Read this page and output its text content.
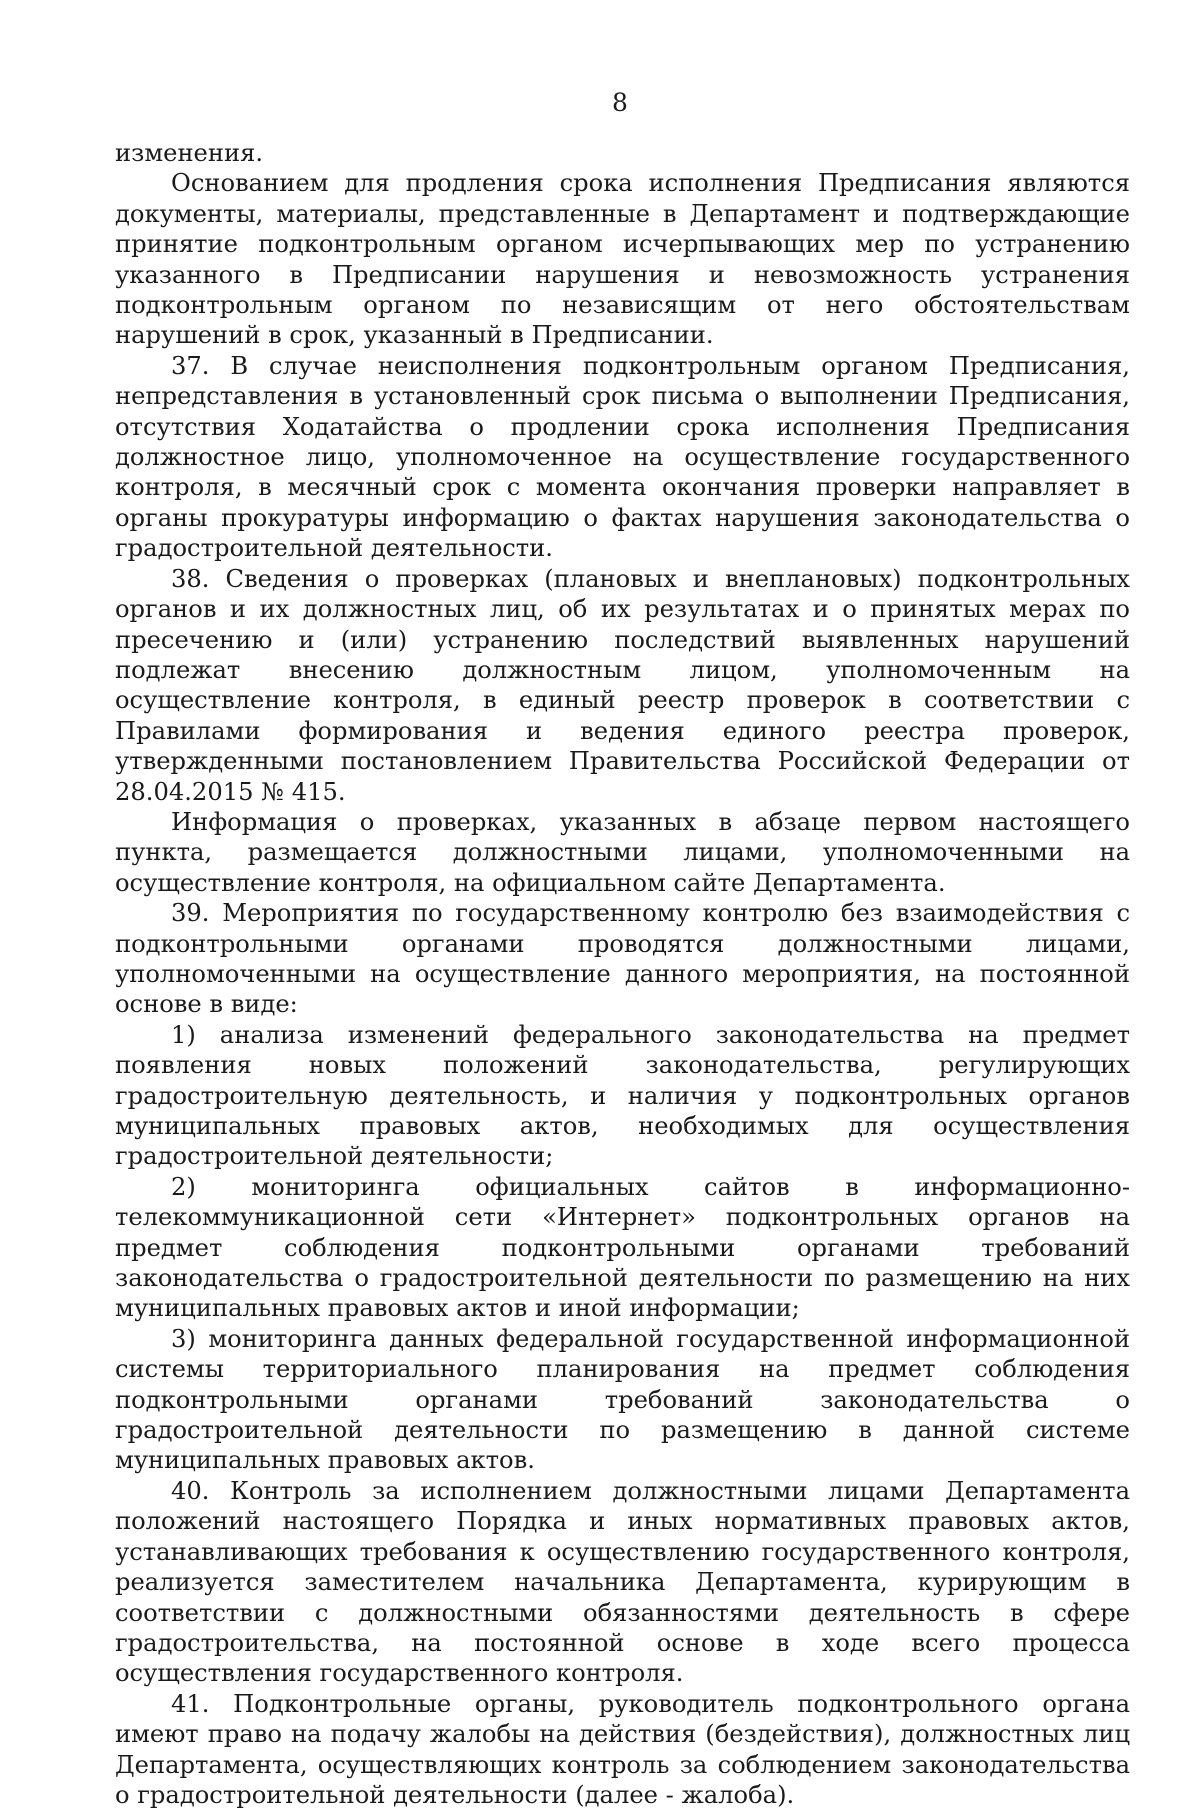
8

изменения.

Основанием для продления срока исполнения Предписания являются документы, материалы, представленные в Департамент и подтверждающие принятие подконтрольным органом исчерпывающих мер по устранению указанного в Предписании нарушения и невозможность устранения подконтрольным органом по независящим от него обстоятельствам нарушений в срок, указанный в Предписании.

37. В случае неисполнения подконтрольным органом Предписания, непредставления в установленный срок письма о выполнении Предписания, отсутствия Ходатайства о продлении срока исполнения Предписания должностное лицо, уполномоченное на осуществление государственного контроля, в месячный срок с момента окончания проверки направляет в органы прокуратуры информацию о фактах нарушения законодательства о градостроительной деятельности.

38. Сведения о проверках (плановых и внеплановых) подконтрольных органов и их должностных лиц, об их результатах и о принятых мерах по пресечению и (или) устранению последствий выявленных нарушений подлежат внесению должностным лицом, уполномоченным на осуществление контроля, в единый реестр проверок в соответствии с Правилами формирования и ведения единого реестра проверок, утвержденными постановлением Правительства Российской Федерации от 28.04.2015 № 415.

Информация о проверках, указанных в абзаце первом настоящего пункта, размещается должностными лицами, уполномоченными на осуществление контроля, на официальном сайте Департамента.

39. Мероприятия по государственному контролю без взаимодействия с подконтрольными органами проводятся должностными лицами, уполномоченными на осуществление данного мероприятия, на постоянной основе в виде:

1) анализа изменений федерального законодательства на предмет появления новых положений законодательства, регулирующих градостроительную деятельность, и наличия у подконтрольных органов муниципальных правовых актов, необходимых для осуществления градостроительной деятельности;

2) мониторинга официальных сайтов в информационно-телекоммуникационной сети «Интернет» подконтрольных органов на предмет соблюдения подконтрольными органами требований законодательства о градостроительной деятельности по размещению на них муниципальных правовых актов и иной информации;

3) мониторинга данных федеральной государственной информационной системы территориального планирования на предмет соблюдения подконтрольными органами требований законодательства о градостроительной деятельности по размещению в данной системе муниципальных правовых актов.

40. Контроль за исполнением должностными лицами Департамента положений настоящего Порядка и иных нормативных правовых актов, устанавливающих требования к осуществлению государственного контроля, реализуется заместителем начальника Департамента, курирующим в соответствии с должностными обязанностями деятельность в сфере градостроительства, на постоянной основе в ходе всего процесса осуществления государственного контроля.

41. Подконтрольные органы, руководитель подконтрольного органа имеют право на подачу жалобы на действия (бездействия), должностных лиц Департамента, осуществляющих контроль за соблюдением законодательства о градостроительной деятельности (далее - жалоба).
